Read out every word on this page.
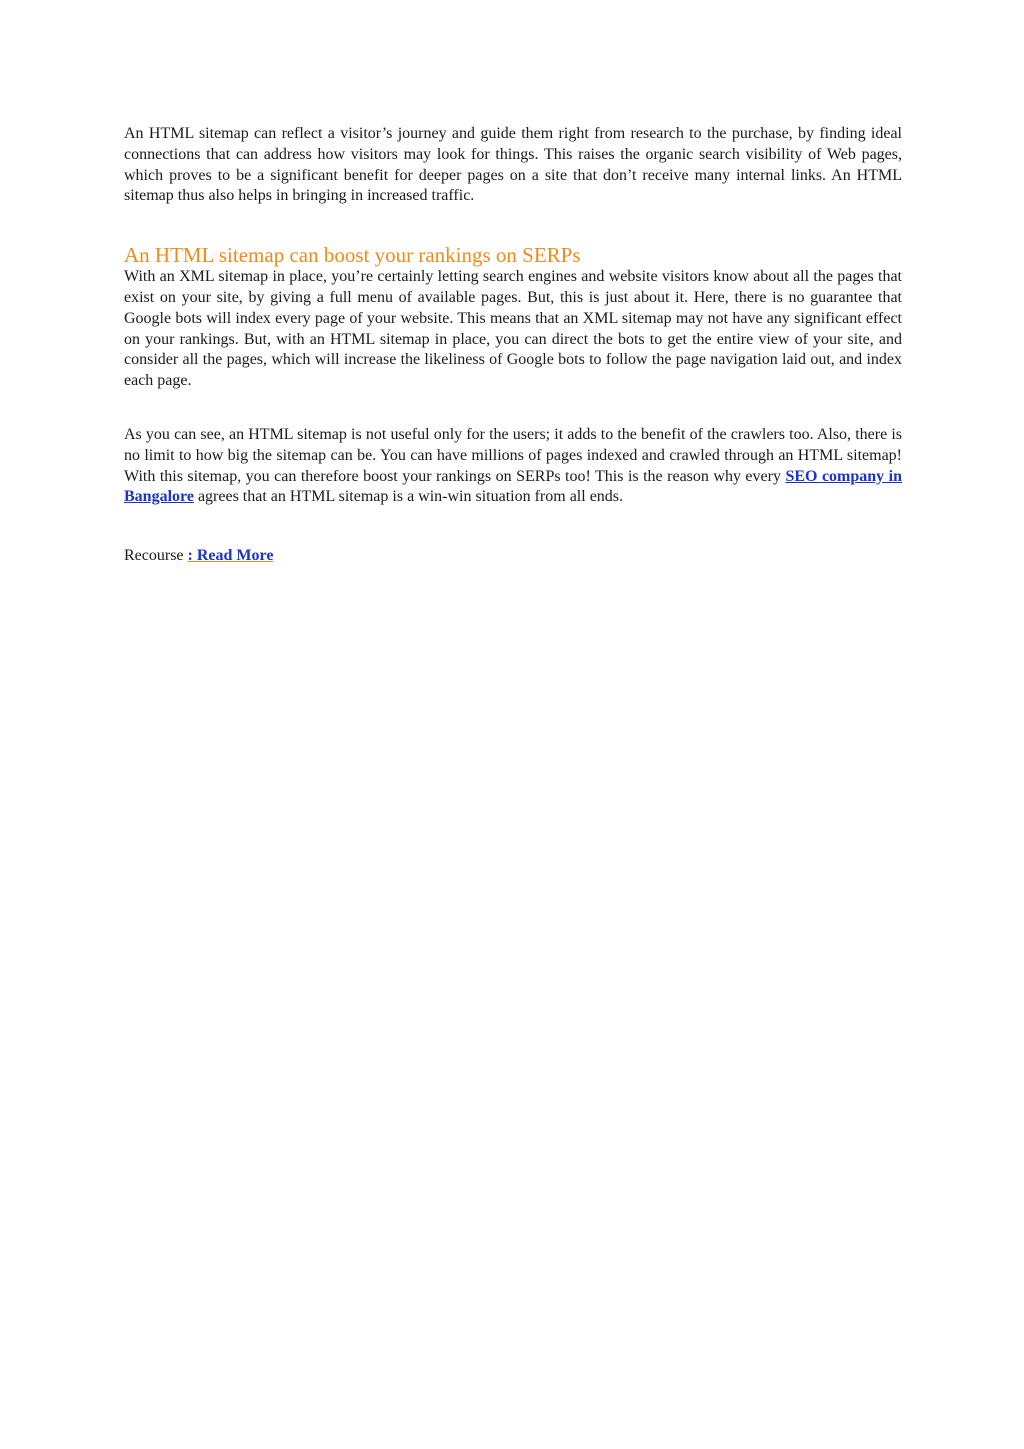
An HTML sitemap can reflect a visitor’s journey and guide them right from research to the purchase, by finding ideal connections that can address how visitors may look for things. This raises the organic search visibility of Web pages, which proves to be a significant benefit for deeper pages on a site that don’t receive many internal links. An HTML sitemap thus also helps in bringing in increased traffic.

An HTML sitemap can boost your rankings on SERPs

With an XML sitemap in place, you’re certainly letting search engines and website visitors know about all the pages that exist on your site, by giving a full menu of available pages. But, this is just about it. Here, there is no guarantee that Google bots will index every page of your website. This means that an XML sitemap may not have any significant effect on your rankings. But, with an HTML sitemap in place, you can direct the bots to get the entire view of your site, and consider all the pages, which will increase the likeliness of Google bots to follow the page navigation laid out, and index each page.

As you can see, an HTML sitemap is not useful only for the users; it adds to the benefit of the crawlers too. Also, there is no limit to how big the sitemap can be. You can have millions of pages indexed and crawled through an HTML sitemap! With this sitemap, you can therefore boost your rankings on SERPs too! This is the reason why every SEO company in Bangalore agrees that an HTML sitemap is a win-win situation from all ends.

Recourse : Read More
